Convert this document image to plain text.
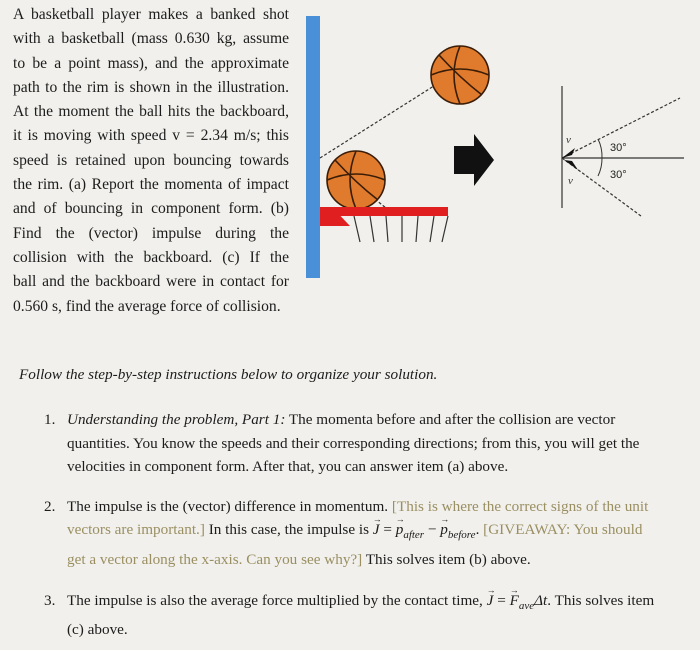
A basketball player makes a banked shot
with a basketball (mass 0.630 kg, assume
to be a point mass), and the approximate
path to the rim is shown in the illustration.
At the moment the ball hits the backboard,
it is moving with speed v = 2.34 m/s; this
speed is retained upon bouncing towards
the rim. (a) Report the momenta of impact
and of bouncing in component form. (b)
Find the (vector) impulse during the
collision with the backboard. (c) If the
ball and the backboard were in contact for
0.560 s, find the average force of collision.
v
v
30°
30°
Follow the step-by-step instructions below to organize your solution.
1. Understanding the problem, Part 1: The momenta before and after the collision are vector quantities. You know the speeds and their corresponding directions; from this, you will get the velocities in component form. After that, you can answer item (a) above.
2. The impulse is the (vector) difference in momentum. [This is where the correct signs of the unit vectors are important.] In this case, the impulse is → J = → $p_{after}$ − → $p_{before}$. [GIVEAWAY: You should get a vector along the x-axis. Can you see why?] This solves item (b) above.
3. The impulse is also the average force multiplied by the contact time, → J = → $F_{ave}\Delta t$. This solves item (c) above.
